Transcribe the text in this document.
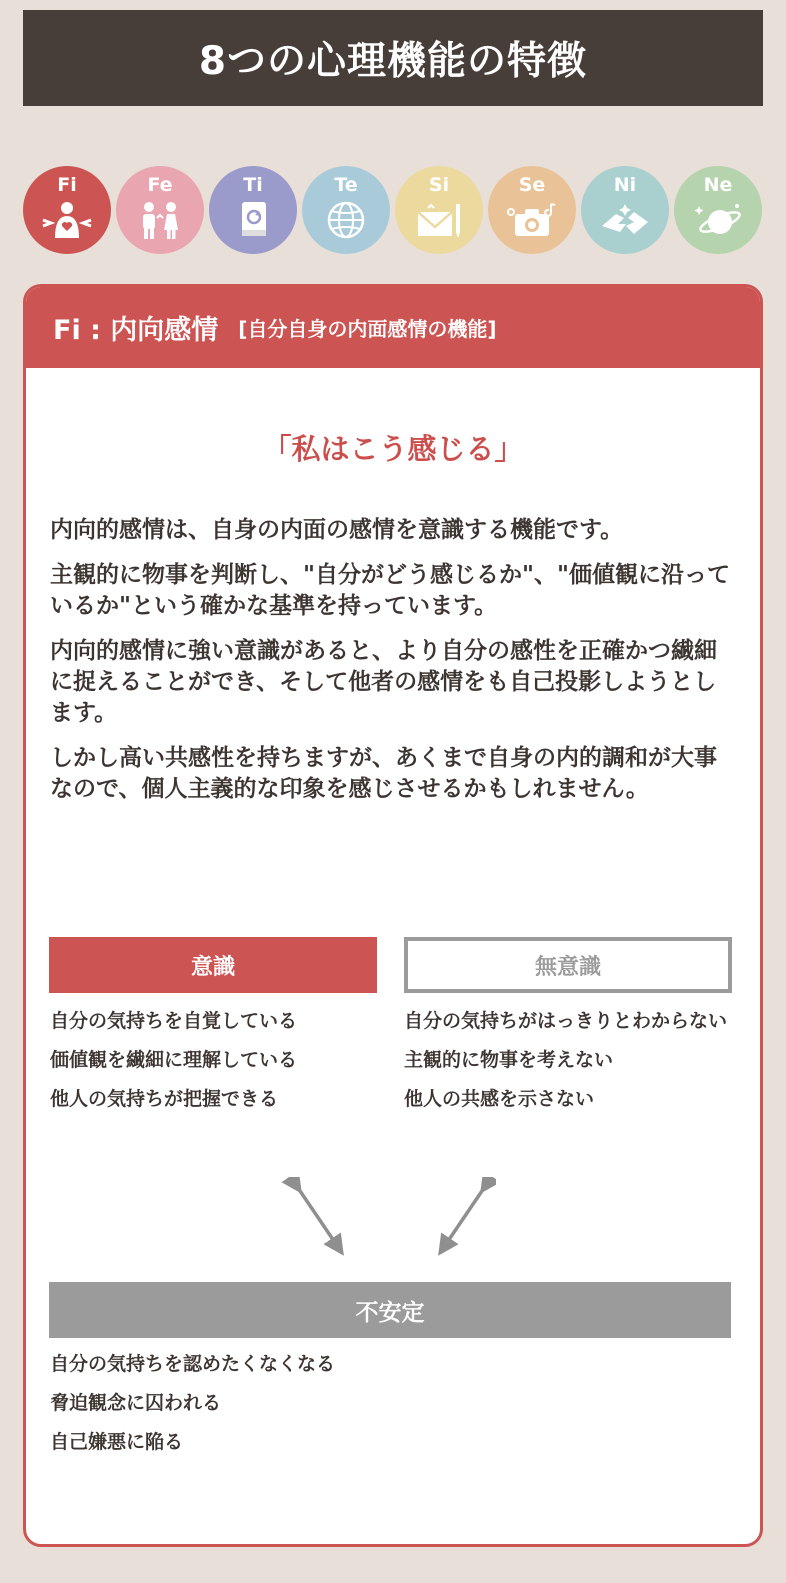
8つの心理機能の特徴
Fi	Fe	Ti	Te	Si	Se	Ni	Ne
Fi : 内向感情 [自分自身の内面感情の機能]
「私はこう感じる」

内向的感情は、自身の内面の感情を意識する機能です。

主観的に物事を判断し、"自分がどう感じるか"、"価値観に沿っているか"という確かな基準を持っています。

内向的感情に強い意識があると、より自分の感性を正確かつ繊細に捉えることができ、そして他者の感情をも自己投影しようとします。

しかし高い共感性を持ちますが、あくまで自身の内的調和が大事なので、個人主義的な印象を感じさせるかもしれません。

意識	無意識
自分の気持ちを自覚している
価値観を繊細に理解している
他人の気持ちが把握できる
自分の気持ちがはっきりとわからない
主観的に物事を考えない
他人の共感を示さない
不安定
自分の気持ちを認めたくなくなる
脅迫観念に囚われる
自己嫌悪に陥る
